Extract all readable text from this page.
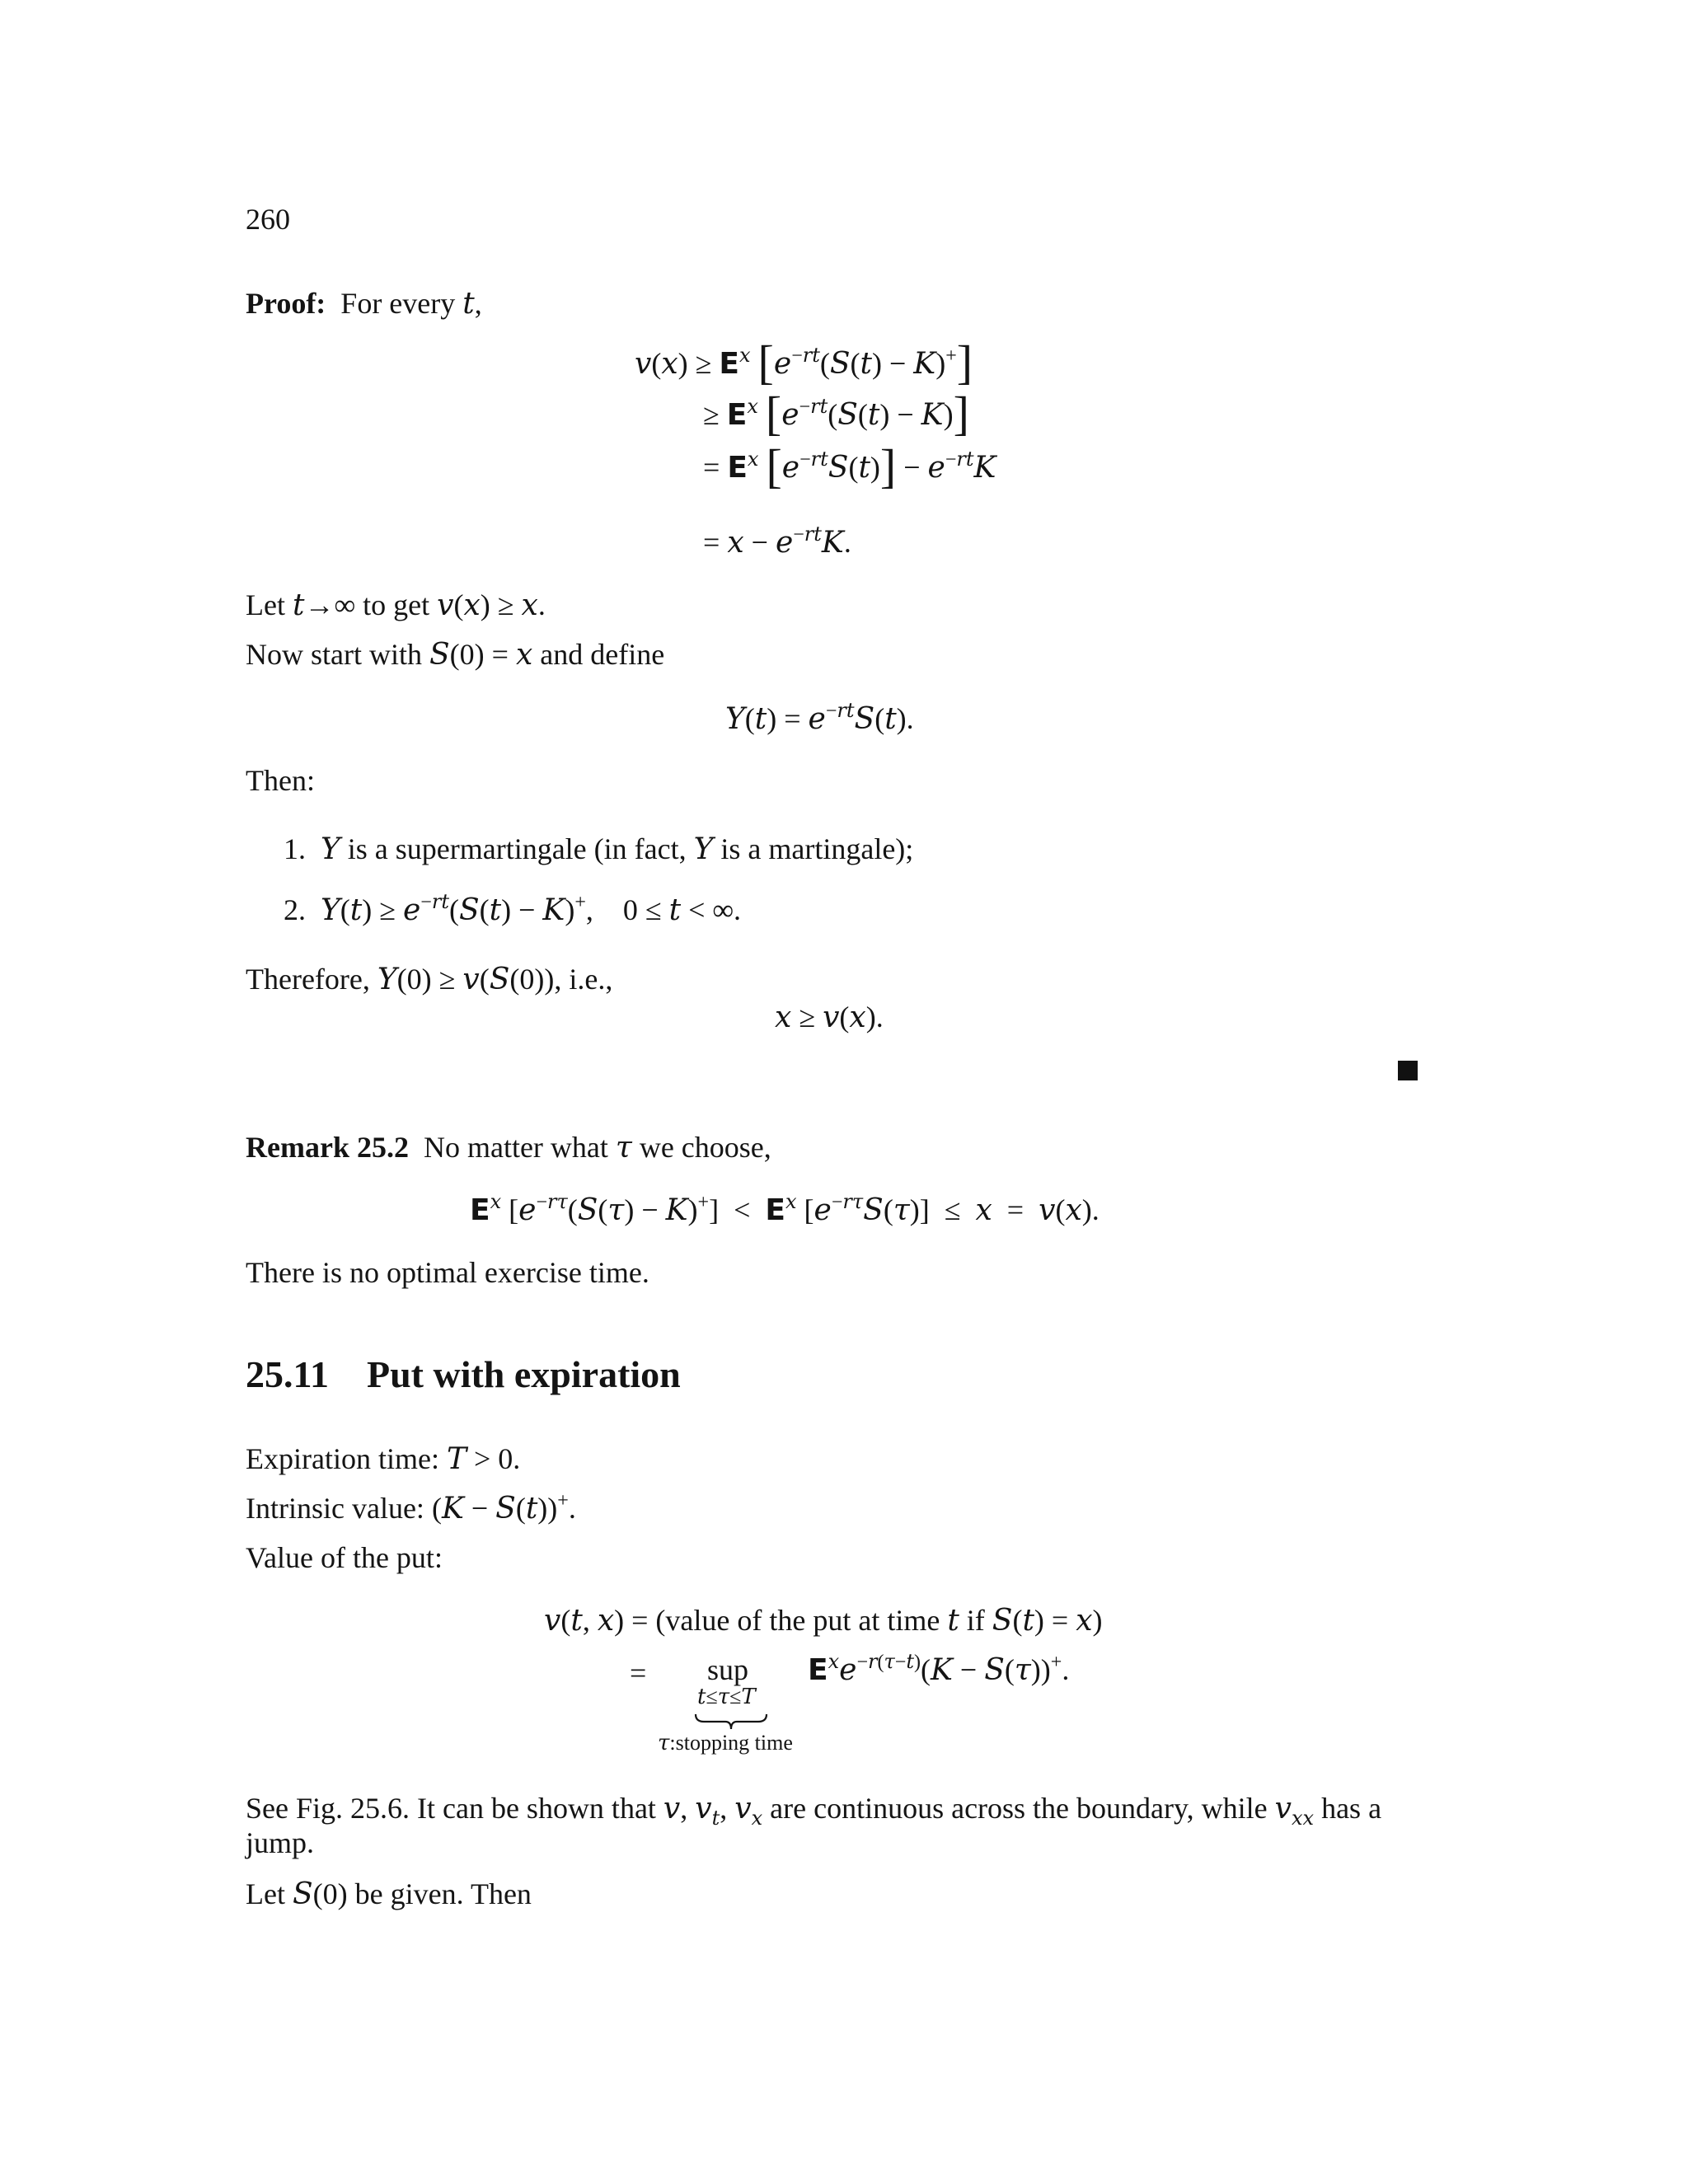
260
Proof: For every t,
$v(x) \ge E^x$ $[e^{-rt}(S(t) - K)^+]$
≥ $E^x$ $[e^{-rt}(S(t) - K)]$
= $E^x$ $[e^{-rt}S(t)] - e^{-rt}K$
= $x - e^{-rt}K$.
Let t→∞ to get v(x) ≥ x.
Now start with S(0) = x and define
$Y(t) = e^{-rt}S(t)$.
Then:
1. Y is a supermartingale (in fact, Y is a martingale);
2. $Y(t) \ge e^{-rt}(S(t) - K)^+$,    0 ≤ t < ∞.
Therefore, Y(0) ≥ v(S(0)), i.e.,
x ≥ v(x).
Remark 25.2 No matter what τ we choose,
$E^x$ $[e^{-r\tau}(S(\tau) - K)^+] < E^x$ $[e^{-r\tau}S(\tau)] \le x = v(x)$.
There is no optimal exercise time.
25.11 Put with expiration
Expiration time: T > 0.
Intrinsic value: (K − S(t))+.
Value of the put:
v(t, x) = (value of the put at time t if S(t) = x)
= sup
t≤τ≤T
τ:stopping time
$E^xe^{-r(\tau-t)}(K - S(\tau))^+$.
See Fig. 25.6. It can be shown that v, $v_t$, $v_x$ are continuous across the boundary, while $v_{xx}$ has a
jump.
Let S(0) be given. Then
